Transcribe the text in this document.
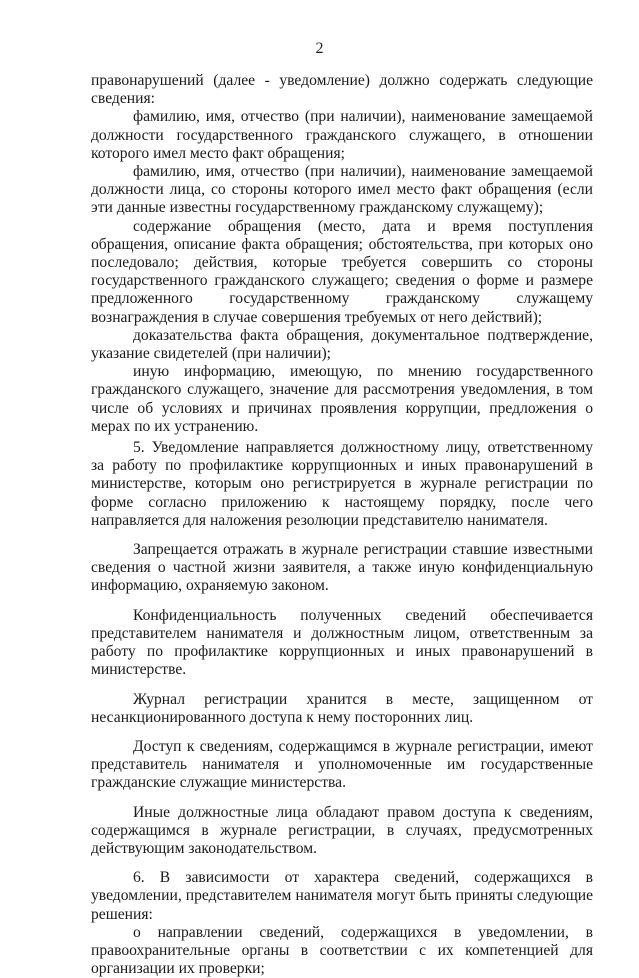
2

правонарушений (далее - уведомление) должно содержать следующие сведения:

фамилию, имя, отчество (при наличии), наименование замещаемой должности государственного гражданского служащего, в отношении которого имел место факт обращения;

фамилию, имя, отчество (при наличии), наименование замещаемой должности лица, со стороны которого имел место факт обращения (если эти данные известны государственному гражданскому служащему);

содержание обращения (место, дата и время поступления обращения, описание факта обращения; обстоятельства, при которых оно последовало; действия, которые требуется совершить со стороны государственного гражданского служащего; сведения о форме и размере предложенного государственному гражданскому служащему вознаграждения в случае совершения требуемых от него действий);

доказательства факта обращения, документальное подтверждение, указание свидетелей (при наличии);

иную информацию, имеющую, по мнению государственного гражданского служащего, значение для рассмотрения уведомления, в том числе об условиях и причинах проявления коррупции, предложения о мерах по их устранению.

5. Уведомление направляется должностному лицу, ответственному за работу по профилактике коррупционных и иных правонарушений в министерстве, которым оно регистрируется в журнале регистрации по форме согласно приложению к настоящему порядку, после чего направляется для наложения резолюции представителю нанимателя.

Запрещается отражать в журнале регистрации ставшие известными сведения о частной жизни заявителя, а также иную конфиденциальную информацию, охраняемую законом.

Конфиденциальность полученных сведений обеспечивается представителем нанимателя и должностным лицом, ответственным за работу по профилактике коррупционных и иных правонарушений в министерстве.

Журнал регистрации хранится в месте, защищенном от несанкционированного доступа к нему посторонних лиц.

Доступ к сведениям, содержащимся в журнале регистрации, имеют представитель нанимателя и уполномоченные им государственные гражданские служащие министерства.

Иные должностные лица обладают правом доступа к сведениям, содержащимся в журнале регистрации, в случаях, предусмотренных действующим законодательством.

6. В зависимости от характера сведений, содержащихся в уведомлении, представителем нанимателя могут быть приняты следующие решения:

о направлении сведений, содержащихся в уведомлении, в правоохранительные органы в соответствии с их компетенцией для организации их проверки;
